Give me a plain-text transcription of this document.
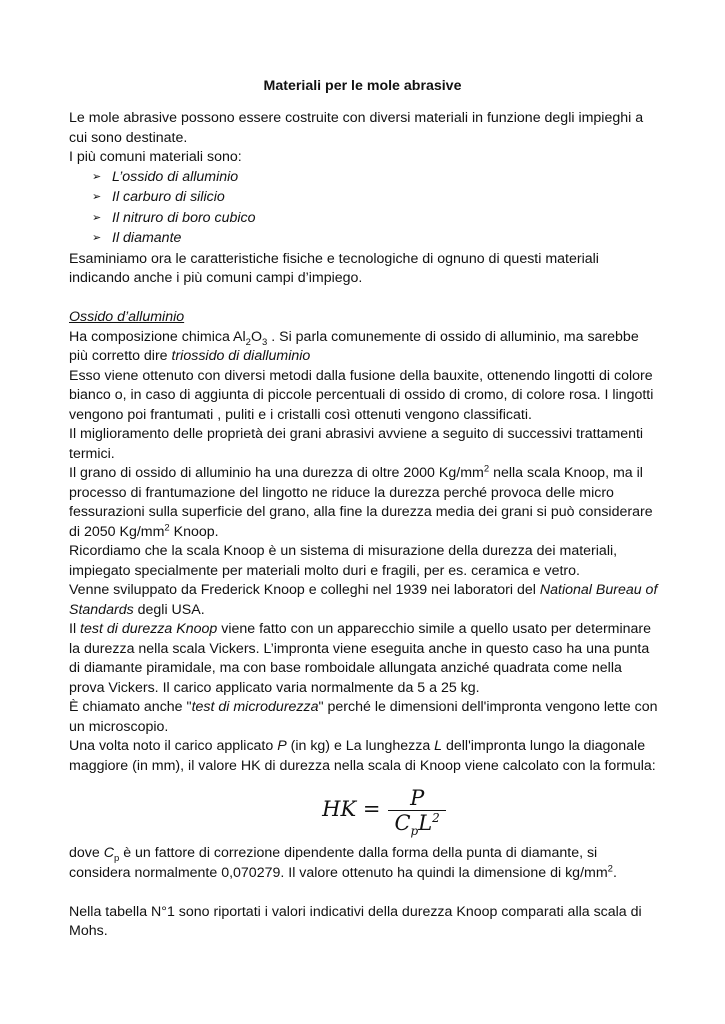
Materiali per le mole abrasive

Le mole abrasive possono essere costruite con diversi materiali in funzione degli impieghi a cui sono destinate.

I più comuni materiali sono:

➢ L’ossido di alluminio
➢ Il carburo di silicio
➢ Il nitruro di boro cubico
➢ Il diamante

Esaminiamo ora le caratteristiche fisiche e tecnologiche di ognuno di questi materiali indicando anche i più comuni campi d’impiego.

Ossido d’alluminio

Ha composizione chimica $Al_2O_3$ . Si parla comunemente di ossido di alluminio, ma sarebbe più corretto dire triossido di dialluminio

Esso viene ottenuto con diversi metodi dalla fusione della bauxite, ottenendo lingotti di colore bianco o, in caso di aggiunta di piccole percentuali di ossido di cromo, di colore rosa. I lingotti vengono poi frantumati , puliti e i cristalli così ottenuti vengono classificati.

Il miglioramento delle proprietà dei grani abrasivi avviene a seguito di successivi trattamenti termici.

Il grano di ossido di alluminio ha una durezza di oltre 2000 $Kg/mm^2$ nella scala Knoop, ma il processo di frantumazione del lingotto ne riduce la durezza perché provoca delle micro fessurazioni sulla superficie del grano, alla fine la durezza media dei grani si può considerare di 2050 $Kg/mm^2$ Knoop.

Ricordiamo che la scala Knoop è un sistema di misurazione della durezza dei materiali, impiegato specialmente per materiali molto duri e fragili, per es. ceramica e vetro.

Venne sviluppato da Frederick Knoop e colleghi nel 1939 nei laboratori del National Bureau of Standards degli USA.

Il test di durezza Knoop viene fatto con un apparecchio simile a quello usato per determinare la durezza nella scala Vickers. L’impronta viene eseguita anche in questo caso ha una punta di diamante piramidale, ma con base romboidale allungata anziché quadrata come nella prova Vickers. Il carico applicato varia normalmente da 5 a 25 kg.

È chiamato anche "test di microdurezza" perché le dimensioni dell'impronta vengono lette con un microscopio.

Una volta noto il carico applicato P (in kg) e La lunghezza L dell'impronta lungo la diagonale maggiore (in mm), il valore HK di durezza nella scala di Knoop viene calcolato con la formula:

HK = $\frac{P}{C_pL^2}$

dove $C_p$ è un fattore di correzione dipendente dalla forma della punta di diamante, si considera normalmente 0,070279. Il valore ottenuto ha quindi la dimensione di $kg/mm^2$.

Nella tabella N°1 sono riportati i valori indicativi della durezza Knoop comparati alla scala di Mohs.
